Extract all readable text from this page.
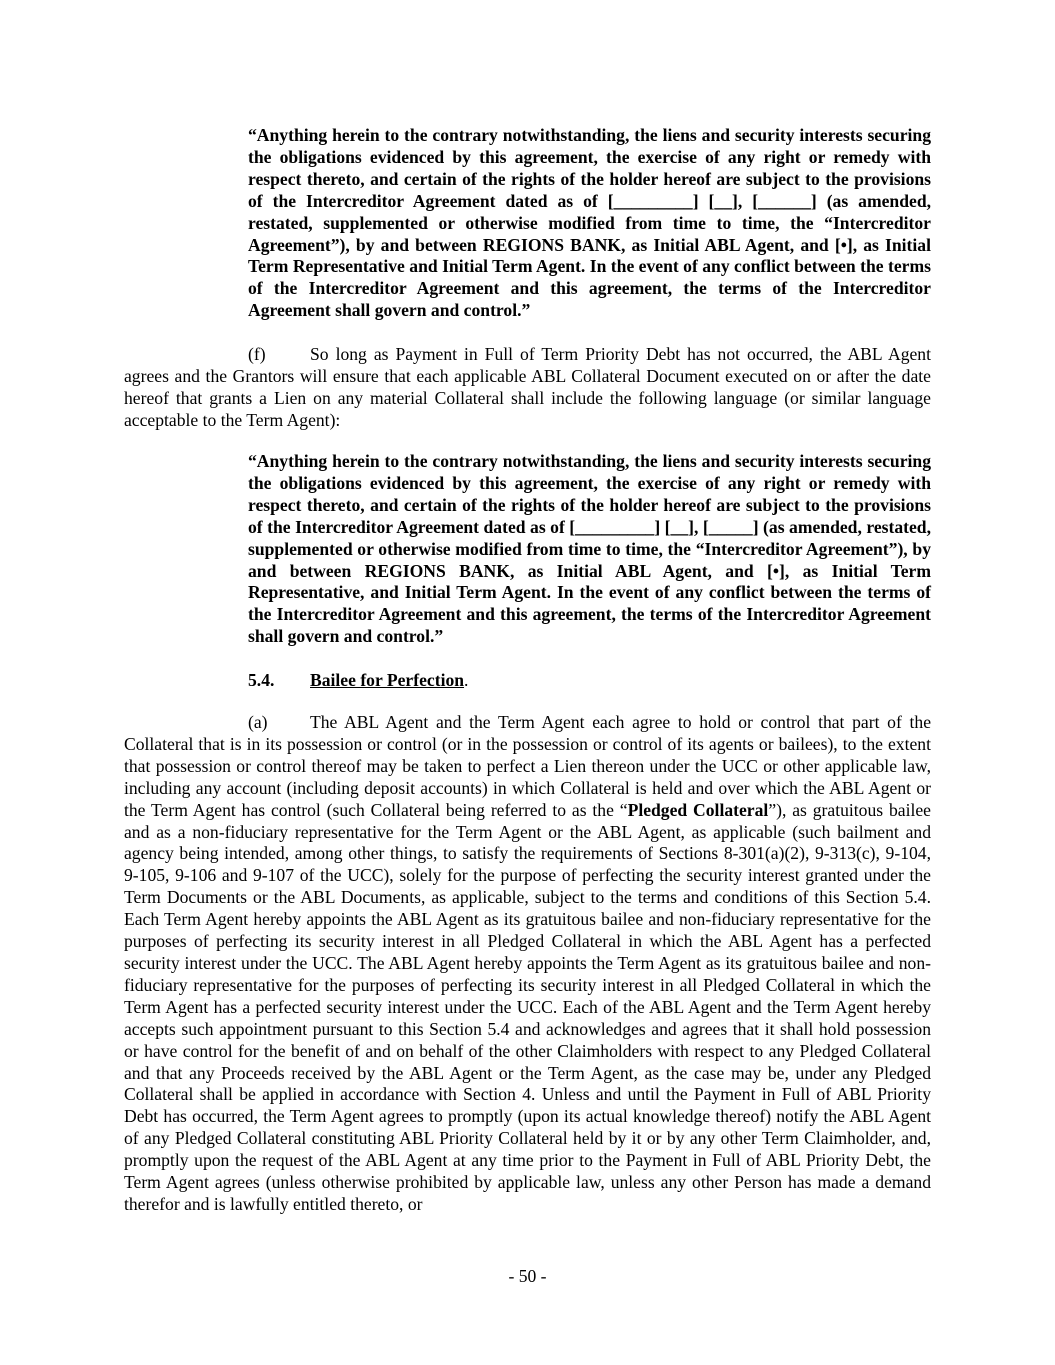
“Anything herein to the contrary notwithstanding, the liens and security interests securing the obligations evidenced by this agreement, the exercise of any right or remedy with respect thereto, and certain of the rights of the holder hereof are subject to the provisions of the Intercreditor Agreement dated as of [_________] [__], [______] (as amended, restated, supplemented or otherwise modified from time to time, the “Intercreditor Agreement”), by and between REGIONS BANK, as Initial ABL Agent, and [•], as Initial Term Representative and Initial Term Agent. In the event of any conflict between the terms of the Intercreditor Agreement and this agreement, the terms of the Intercreditor Agreement shall govern and control.”

(f)	So long as Payment in Full of Term Priority Debt has not occurred, the ABL Agent agrees and the Grantors will ensure that each applicable ABL Collateral Document executed on or after the date hereof that grants a Lien on any material Collateral shall include the following language (or similar language acceptable to the Term Agent):

“Anything herein to the contrary notwithstanding, the liens and security interests securing the obligations evidenced by this agreement, the exercise of any right or remedy with respect thereto, and certain of the rights of the holder hereof are subject to the provisions of the Intercreditor Agreement dated as of [_________] [__], [_____] (as amended, restated, supplemented or otherwise modified from time to time, the “Intercreditor Agreement”), by and between REGIONS BANK, as Initial ABL Agent, and [•], as Initial Term Representative, and Initial Term Agent. In the event of any conflict between the terms of the Intercreditor Agreement and this agreement, the terms of the Intercreditor Agreement shall govern and control.”

5.4. Bailee for Perfection.

(a) The ABL Agent and the Term Agent each agree to hold or control that part of the Collateral that is in its possession or control (or in the possession or control of its agents or bailees), to the extent that possession or control thereof may be taken to perfect a Lien thereon under the UCC or other applicable law, including any account (including deposit accounts) in which Collateral is held and over which the ABL Agent or the Term Agent has control (such Collateral being referred to as the “Pledged Collateral”), as gratuitous bailee and as a non-fiduciary representative for the Term Agent or the ABL Agent, as applicable (such bailment and agency being intended, among other things, to satisfy the requirements of Sections 8-301(a)(2), 9-313(c), 9-104, 9-105, 9-106 and 9-107 of the UCC), solely for the purpose of perfecting the security interest granted under the Term Documents or the ABL Documents, as applicable, subject to the terms and conditions of this Section 5.4. Each Term Agent hereby appoints the ABL Agent as its gratuitous bailee and non-fiduciary representative for the purposes of perfecting its security interest in all Pledged Collateral in which the ABL Agent has a perfected security interest under the UCC. The ABL Agent hereby appoints the Term Agent as its gratuitous bailee and non-fiduciary representative for the purposes of perfecting its security interest in all Pledged Collateral in which the Term Agent has a perfected security interest under the UCC. Each of the ABL Agent and the Term Agent hereby accepts such appointment pursuant to this Section 5.4 and acknowledges and agrees that it shall hold possession or have control for the benefit of and on behalf of the other Claimholders with respect to any Pledged Collateral and that any Proceeds received by the ABL Agent or the Term Agent, as the case may be, under any Pledged Collateral shall be applied in accordance with Section 4. Unless and until the Payment in Full of ABL Priority Debt has occurred, the Term Agent agrees to promptly (upon its actual knowledge thereof) notify the ABL Agent of any Pledged Collateral constituting ABL Priority Collateral held by it or by any other Term Claimholder, and, promptly upon the request of the ABL Agent at any time prior to the Payment in Full of ABL Priority Debt, the Term Agent agrees (unless otherwise prohibited by applicable law, unless any other Person has made a demand therefor and is lawfully entitled thereto, or

- 50 -
